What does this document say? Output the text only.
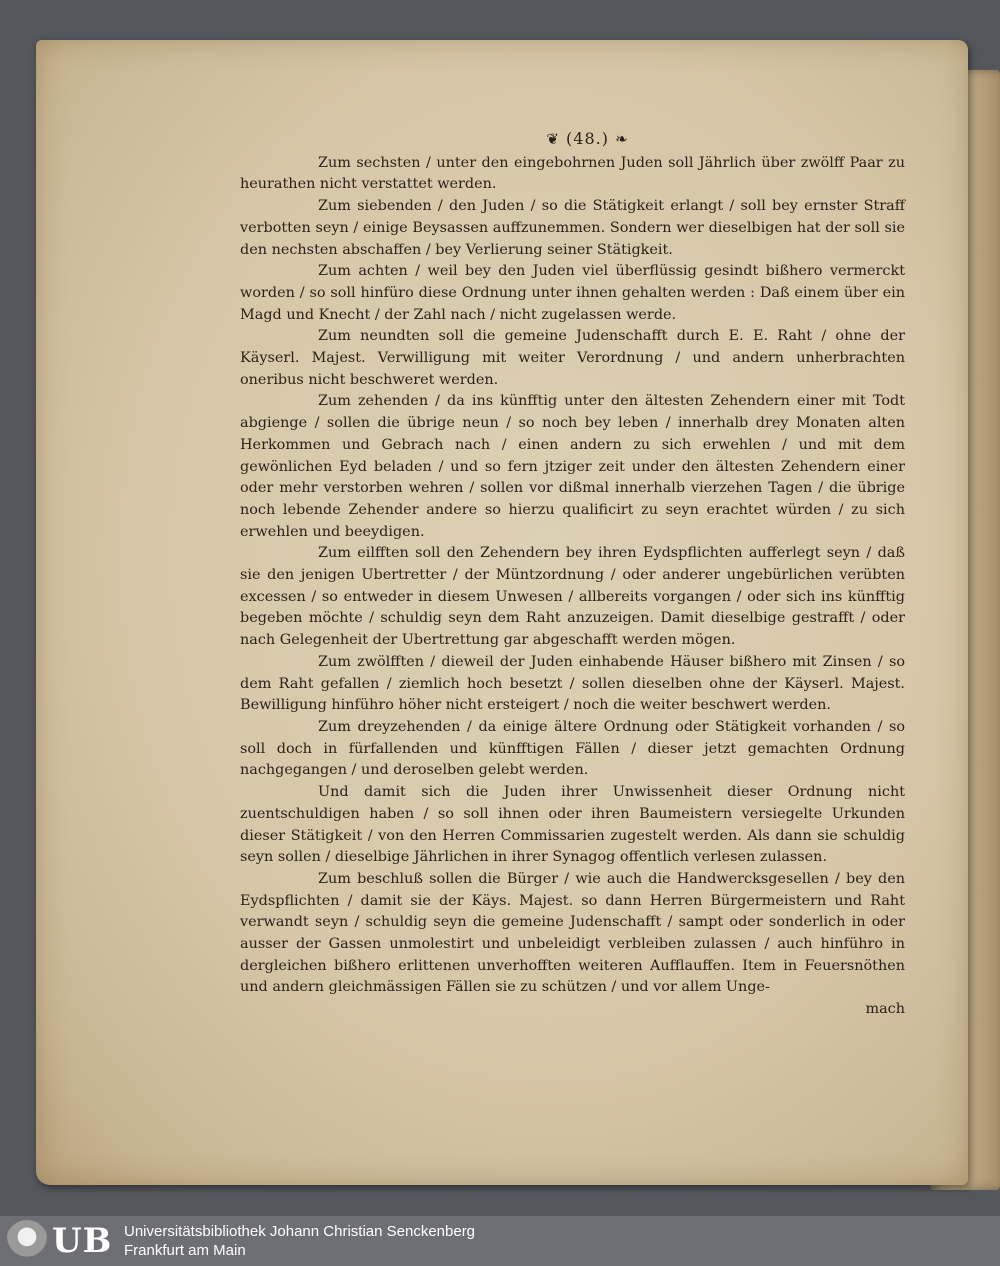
❦ (48.) ❧

Zum sechsten / unter den eingebohrnen Juden soll Jährlich über zwölff Paar zu heurathen nicht verstattet werden.

Zum siebenden / den Juden / so die Stätigkeit erlangt / soll bey ernster Straff verbotten seyn / einige Beysassen auffzunemmen. Sondern wer dieselbigen hat der soll sie den nechsten abschaffen / bey Verlierung seiner Stätigkeit.

Zum achten / weil bey den Juden viel überflüssig gesindt bißhero vermerckt worden / so soll hinfüro diese Ordnung unter ihnen gehalten werden : Daß einem über ein Magd und Knecht / der Zahl nach / nicht zugelassen werde.

Zum neundten soll die gemeine Judenschafft durch E. E. Raht / ohne der Käyserl. Majest. Verwilligung mit weiter Verordnung / und andern unherbrachten oneribus nicht beschweret werden.

Zum zehenden / da ins künfftig unter den ältesten Zehendern einer mit Todt abgienge / sollen die übrige neun / so noch bey leben / innerhalb drey Monaten alten Herkommen und Gebrach nach / einen andern zu sich erwehlen / und mit dem gewönlichen Eyd beladen / und so fern jtziger zeit under den ältesten Zehendern einer oder mehr verstorben wehren / sollen vor dißmal innerhalb vierzehen Tagen / die übrige noch lebende Zehender andere so hierzu qualificirt zu seyn erachtet würden / zu sich erwehlen und beeydigen.

Zum eilfften soll den Zehendern bey ihren Eydspflichten aufferlegt seyn / daß sie den jenigen Ubertretter / der Müntzordnung / oder anderer ungebürlichen verübten excessen / so entweder in diesem Unwesen / allbereits vorgangen / oder sich ins künfftig begeben möchte / schuldig seyn dem Raht anzuzeigen. Damit dieselbige gestrafft / oder nach Gelegenheit der Ubertrettung gar abgeschafft werden mögen.

Zum zwölfften / dieweil der Juden einhabende Häuser bißhero mit Zinsen / so dem Raht gefallen / ziemlich hoch besetzt / sollen dieselben ohne der Käyserl. Majest. Bewilligung hinführo höher nicht ersteigert / noch die weiter beschwert werden.

Zum dreyzehenden / da einige ältere Ordnung oder Stätigkeit vorhanden / so soll doch in fürfallenden und künfftigen Fällen / dieser jetzt gemachten Ordnung nachgegangen / und deroselben gelebt werden.

Und damit sich die Juden ihrer Unwissenheit dieser Ordnung nicht zuentschuldigen haben / so soll ihnen oder ihren Baumeistern versiegelte Urkunden dieser Stätigkeit / von den Herren Commissarien zugestelt werden. Als dann sie schuldig seyn sollen / dieselbige Jährlichen in ihrer Synagog offentlich verlesen zulassen.

Zum beschluß sollen die Bürger / wie auch die Handwercksgesellen / bey den Eydspflichten / damit sie der Käys. Majest. so dann Herren Bürgermeistern und Raht verwandt seyn / schuldig seyn die gemeine Judenschafft / sampt oder sonderlich in oder ausser der Gassen unmolestirt und unbeleidigt verbleiben zulassen / auch hinführo in dergleichen bißhero erlittenen unverhofften weiteren Aufflauffen. Item in Feuersnöthen und andern gleichmässigen Fällen sie zu schützen / und vor allem Unge-

mach

UB Universitätsbibliothek Johann Christian Senckenberg
Frankfurt am Main
